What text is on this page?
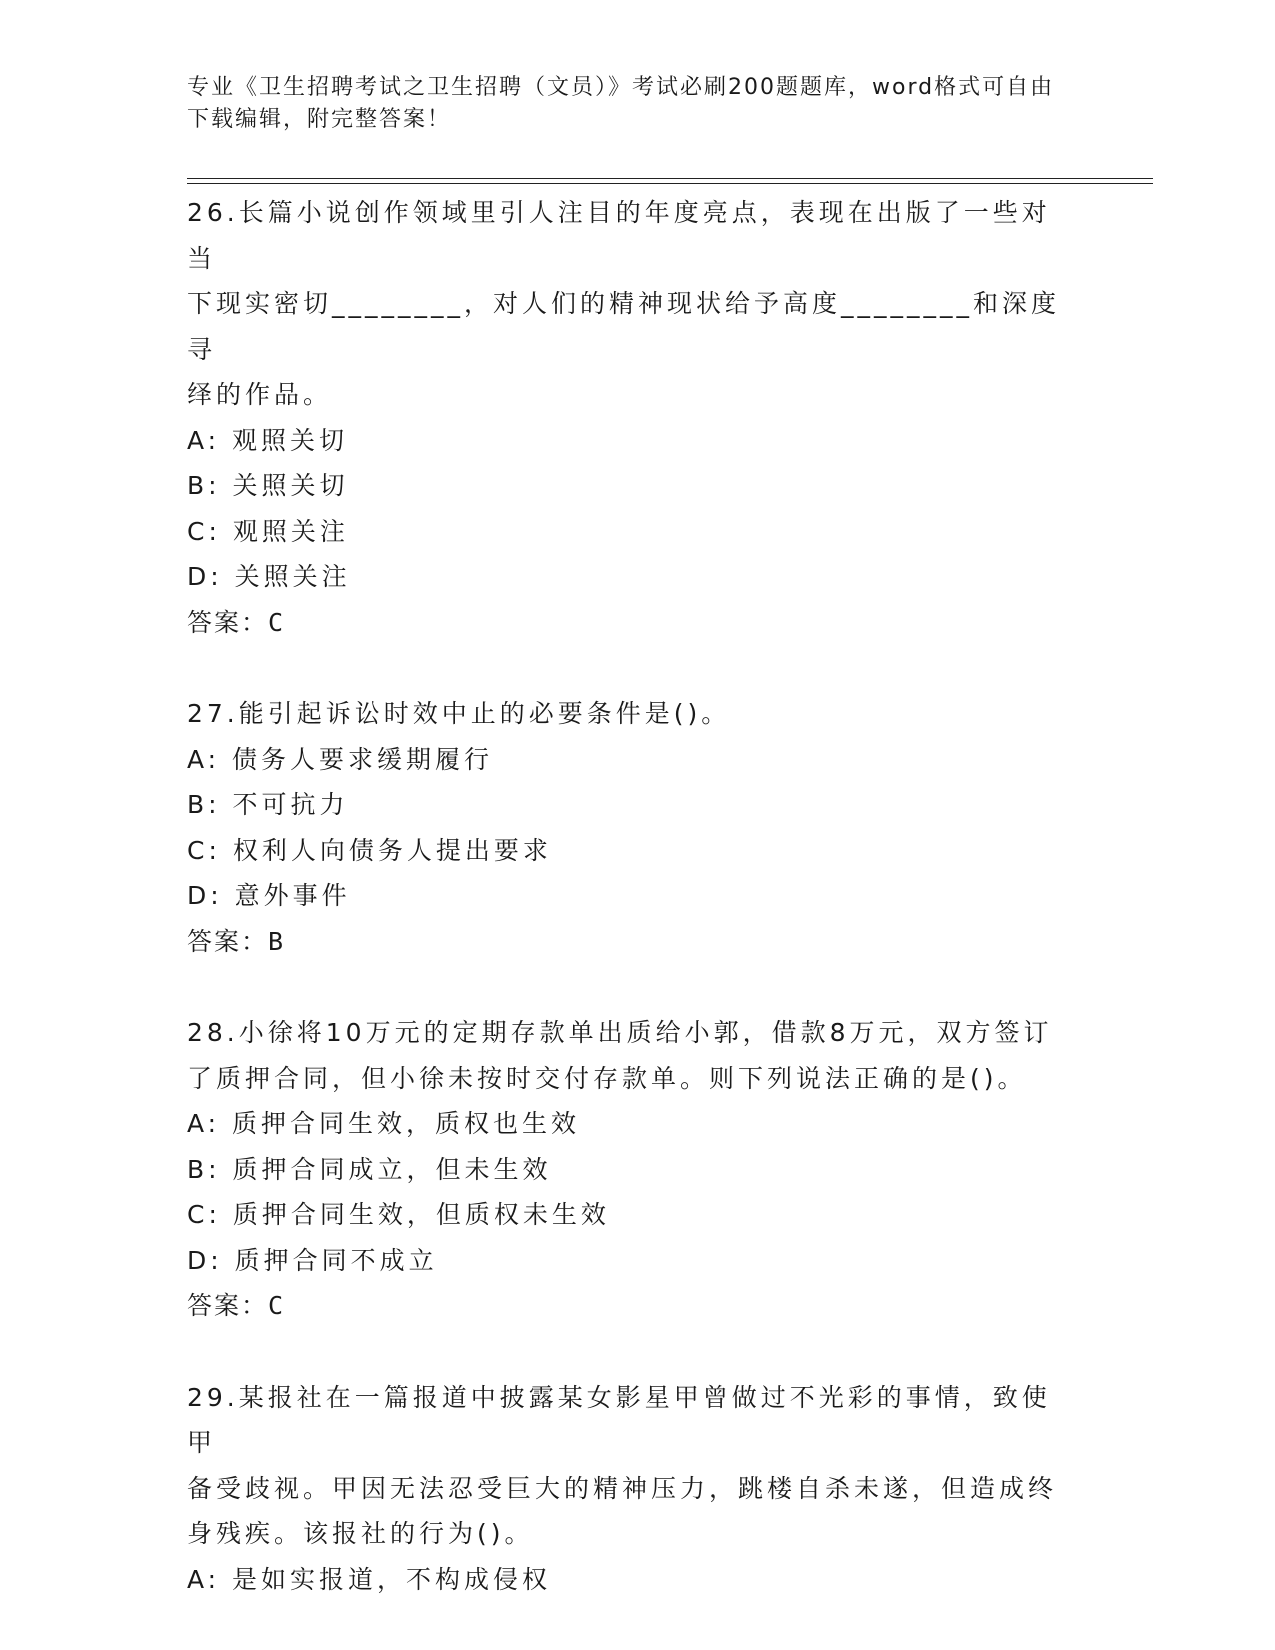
专业《卫生招聘考试之卫生招聘（文员）》考试必刷200题题库，word格式可自由下载编辑，附完整答案！

26.长篇小说创作领域里引人注目的年度亮点，表现在出版了一些对当

下现实密切________，对人们的精神现状给予高度________和深度寻

绎的作品。

A: 观照关切

B: 关照关切

C: 观照关注

D: 关照关注

答案：C

27.能引起诉讼时效中止的必要条件是()。

A: 债务人要求缓期履行

B: 不可抗力

C: 权利人向债务人提出要求

D: 意外事件

答案：B

28.小徐将10万元的定期存款单出质给小郭，借款8万元，双方签订

了质押合同，但小徐未按时交付存款单。则下列说法正确的是()。

A: 质押合同生效，质权也生效

B: 质押合同成立，但未生效

C: 质押合同生效，但质权未生效

D: 质押合同不成立

答案：C

29.某报社在一篇报道中披露某女影星甲曾做过不光彩的事情，致使甲

备受歧视。甲因无法忍受巨大的精神压力，跳楼自杀未遂，但造成终

身残疾。该报社的行为()。

A: 是如实报道，不构成侵权
